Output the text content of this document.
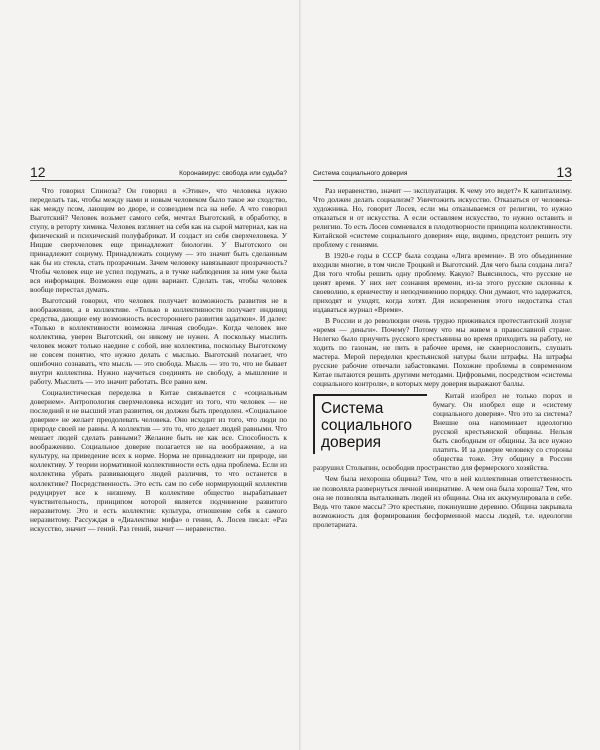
12	Коронавирус: свобода или судьба?

Что говорил Спиноза? Он говорил в «Этике», что человека нужно переделать так, чтобы между нами и новым человеком было такое же сходство, как между псом, лающим во дворе, и созвездием пса на небе. А что говорил Выготский? Человек возьмет самого себя, мечтал Выготский, в обработку, в ступу, в реторту химика. Человек взглянет на себя как на сырой материал, как на физический и психический полуфабрикат. И создаст из себя сверхчеловека. У Ницше сверхчеловек еще принадлежит биологии. У Выготского он принадлежит социуму. Принадлежать социуму — это значит быть сделанным как бы из стекла, стать прозрачным. Зачем человеку навязывают прозрачность? Чтобы человек еще не успел подумать, а в тучке наблюдения за ним уже была вся информация. Возможен еще один вариант. Сделать так, чтобы человек вообще перестал думать.

Выготский говорил, что человек получает возможность развития не в воображении, а в коллективе. «Только в коллективности получает индивид средства, дающие ему возможность всестороннего развития задатков». И далее: «Только в коллективности возможна личная свобода». Когда человек вне коллектива, уверен Выготский, он никому не нужен. А поскольку мыслить человек может только наедине с собой, вне коллектива, поскольку Выготскому не совсем понятно, что нужно делать с мыслью. Выготский полагает, что ошибочно сознавать, что мысль — это свобода. Мысль — это то, что не бывает внутри коллектива. Нужно научиться соединять не свободу, а мышление и работу. Мыслить — это значит работать. Все равно кем.

Социалистическая переделка в Китае связывается с «социальным доверием». Антропология сверхчеловека исходит из того, что человек — не последний и не высший этап развития, он должен быть преодолен. «Социальное доверие» не желает преодолевать человека. Оно исходит из того, что люди по природе своей не равны. А коллектив — это то, что делает людей равными. Что мешает людей сделать равными? Желание быть не как все. Способность к воображению. Социальное доверие полагается не на воображение, а на культуру, на приведение всех к норме. Норма не принадлежит ни природе, ни коллективу. У теории нормативной коллективности есть одна проблема. Если из коллектива убрать развивающего людей различия, то что останется в коллективе? Посредственность. Это есть сам по себе нормирующий коллектив редуцирует все к низшему. В коллективе общество вырабатывает чувствительность, принципом которой является подчинение развитого неразвитому. Это и есть коллектив: культура, отношение себя к самого неразвитому. Рассуждая в «Диалектике мифа» о гении, А. Лосев писал: «Раз искусство, значит — гений. Раз гений, значит — неравенство.

Система социального доверия	13

Раз неравенство, значит — эксплуатация. К чему это ведет?» К капитализму. Что должен делать социализм? Уничтожить искусство. Отказаться от человека-художника. Но, говорит Лосев, если мы отказываемся от религии, то нужно отказаться и от искусства. А если оставляем искусство, то нужно оставить и религию. То есть Лосев сомневался в плодотворности принципа коллективности. Китайской «системе социального доверия» еще, видимо, предстоит решить эту проблему с гениями.

В 1920-е годы в СССР была создана «Лига времени». В это объединение входили многие, в том числе Троцкий и Выготский. Для чего была создана лига? Для того чтобы решить одну проблему. Какую? Выяснилось, что русские не ценят время. У них нет сознания времени, из-за этого русские склонны к своеволию, к ерничеству и неподчинению порядку. Они думают, что задержатся, приходят и уходят, когда хотят. Для искоренения этого недостатка стал издаваться журнал «Время».

В России и до революции очень трудно приживался протестантский лозунг «время — деньги». Почему? Потому что мы живем в православной стране. Нелегко было приучить русского крестьянина во время приходить на работу, не ходить по газонам, не пить в рабочее время, не сквернословить, слушать мастера. Мерой переделки крестьянской натуры были штрафы. На штрафы русские рабочие отвечали забастовками. Похожие проблемы в современном Китае пытаются решить другими методами. Цифровыми, посредством «системы социального контроля», в которых меру доверия выражают баллы.

Система социального доверия

Китай изобрел не только порох и бумагу. Он изобрел еще и «систему социального доверия». Что это за система? Внешне она напоминает идеологию русской крестьянской общины. Нельзя быть свободным от общины. За все нужно платить. И за доверие человеку со стороны общества тоже. Эту общину в России разрушил Столыпин, освободив пространство для фермерского хозяйства.

Чем была нехороша община? Тем, что в ней коллективная ответственность не позволяла развернуться личной инициативе. А чем она была хороша? Тем, что она не позволяла выталкивать людей из общины. Она их аккумулировала в себе. Ведь что такое массы? Это крестьяне, покинувшие деревню. Община закрывала возможность для формирования бесформенной массы людей, т.е. идеологии пролетариата.
